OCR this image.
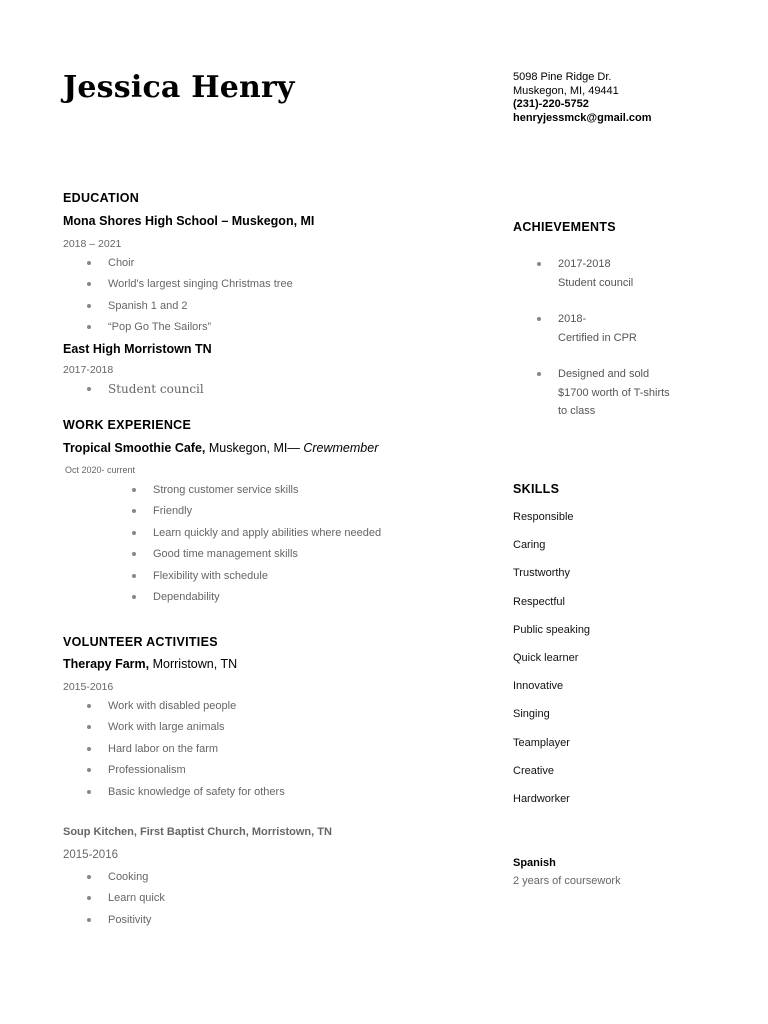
Jessica Henry	5098 Pine Ridge Dr.
Muskegon, MI, 49441
(231)-220-5752
henryjessmck@gmail.com
EDUCATION
Mona Shores High School – Muskegon, MI
2018 – 2021
Choir
World's largest singing Christmas tree
Spanish 1 and 2
“Pop Go The Sailors”
East High Morristown TN
2017-2018
Student council
WORK EXPERIENCE
Tropical Smoothie Cafe, Muskegon, MI— Crewmember
Oct 2020- current
Strong customer service skills
Friendly
Learn quickly and apply abilities where needed
Good time management skills
Flexibility with schedule
Dependability
VOLUNTEER ACTIVITIES
Therapy Farm, Morristown, TN
2015-2016
Work with disabled people
Work with large animals
Hard labor on the farm
Professionalism
Basic knowledge of safety for others
Soup Kitchen, First Baptist Church, Morristown, TN
2015-2016
Cooking
Learn quick
Positivity
ACHIEVEMENTS
2017-2018
Student council
2018-
Certified in CPR
Designed and sold
$1700 worth of T-shirts
to class
SKILLS
Responsible
Caring
Trustworthy
Respectful
Public speaking
Quick learner
Innovative
Singing
Teamplayer
Creative
Hardworker
Spanish
2 years of coursework
